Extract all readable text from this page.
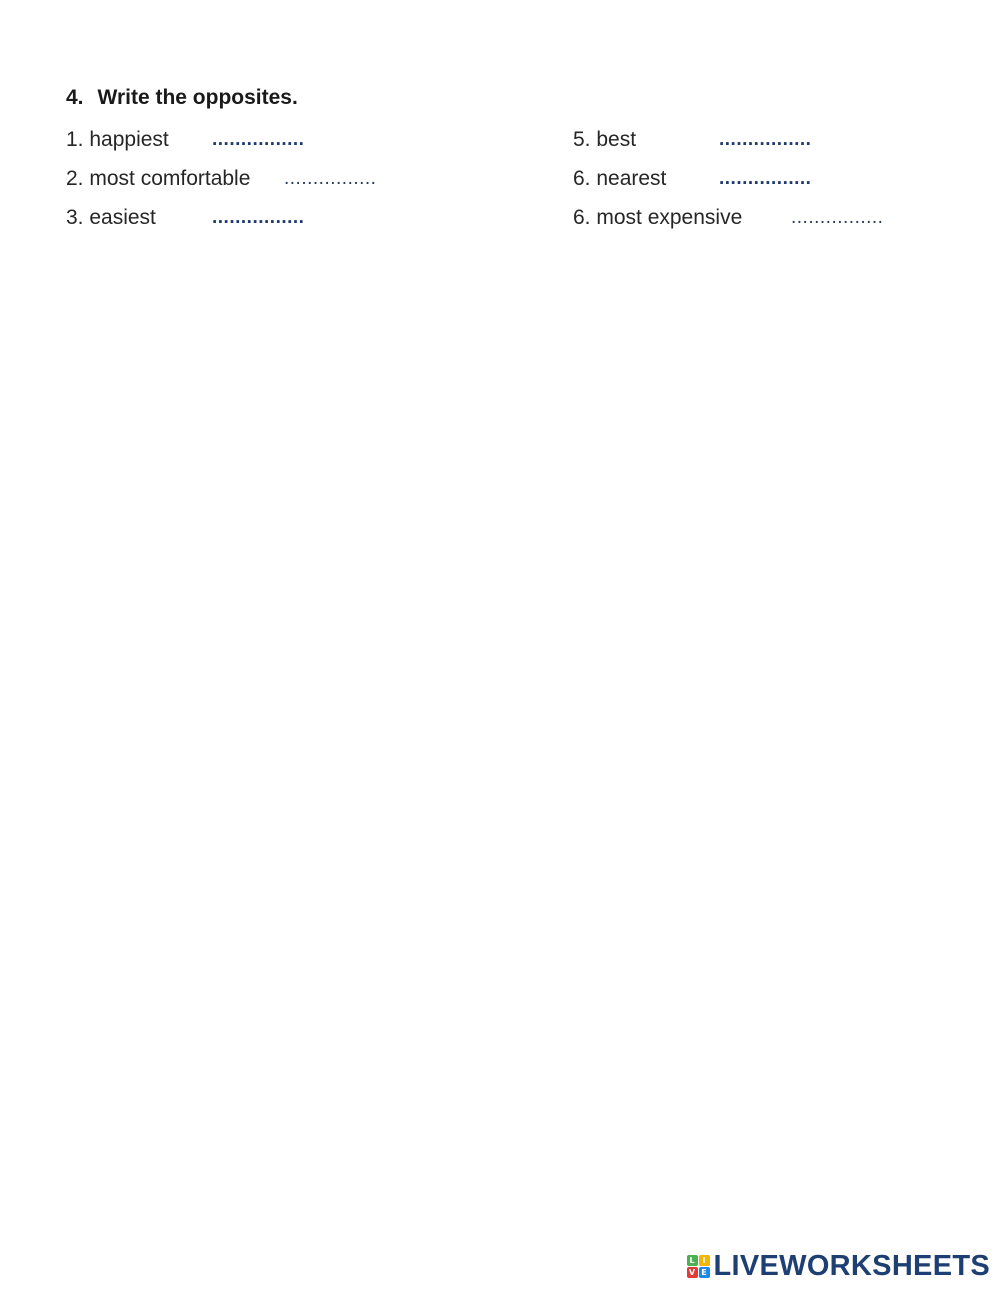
4. Write the opposites.
1. happiest ................
2. most comfortable ................
3. easiest	................
5. best	................
6. nearest	................
6. most expensive	................
L I
V E LIVEWORKSHEETS
